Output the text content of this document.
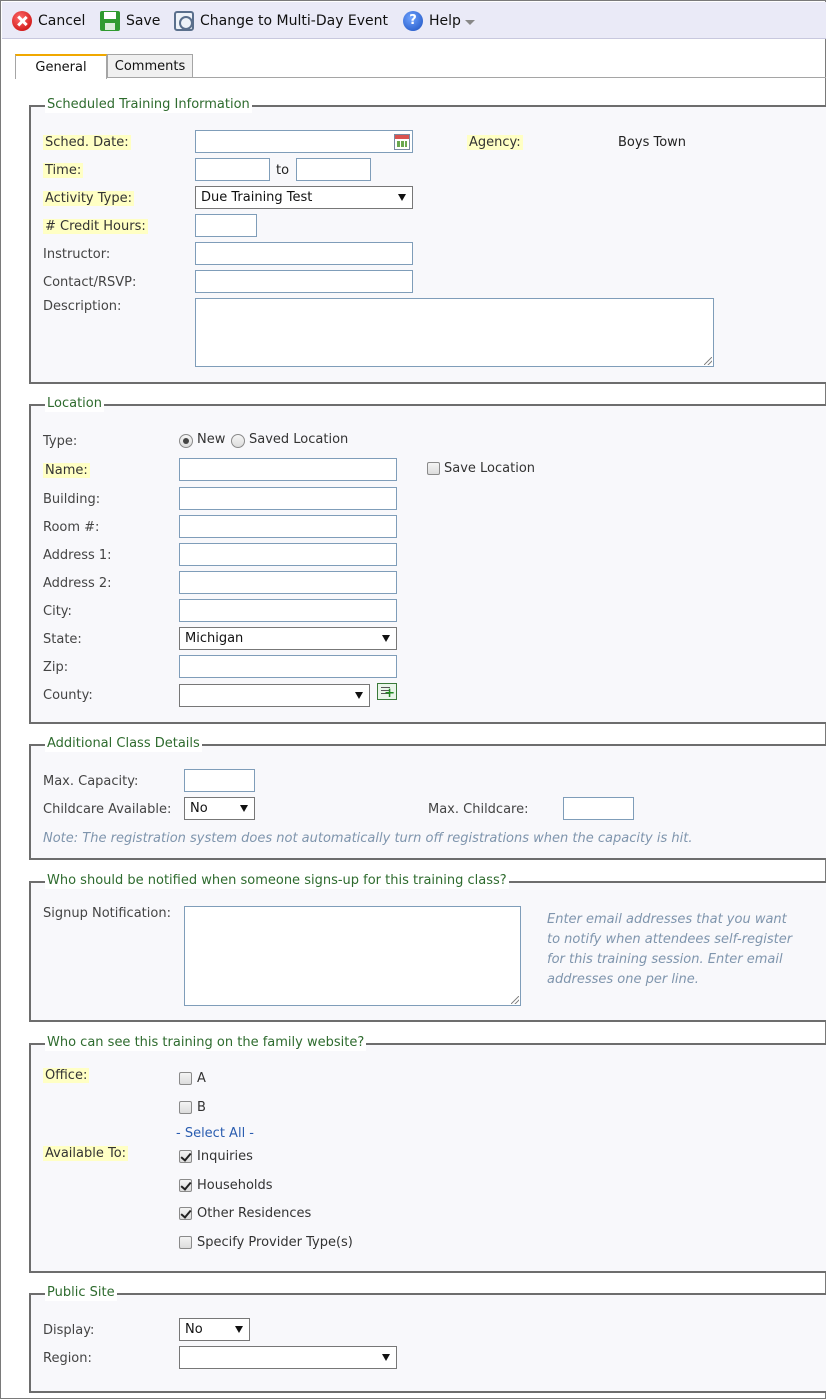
Cancel	Save	Change to Multi-Day Event	? Help
General Comments
Scheduled Training Information
Sched. Date:	Agency:	Boys Town
Time:	to
Activity Type:	Due Training Test
# Credit Hours:
Instructor:
Contact/RSVP:
Description:
Location
Type:	New Saved Location
Name:	Save Location
Building:
Room #:
Address 1:
Address 2:
City:
State:	Michigan
Zip:
County:
+
Additional Class Details
Max. Capacity:
Childcare Available: No	Max. Childcare:
Note: The registration system does not automatically turn off registrations when the capacity is hit.
Who should be notified when someone signs-up for this training class?
Signup Notification:	Enter email addresses that you want to notify when attendees self-register for this training session. Enter email addresses one per line.
Who can see this training on the family website?
Office:	A
B
- Select All -
Available To:	Inquiries
Households
Other Residences
Specify Provider Type(s)
Public Site
Display:	No
Region:
